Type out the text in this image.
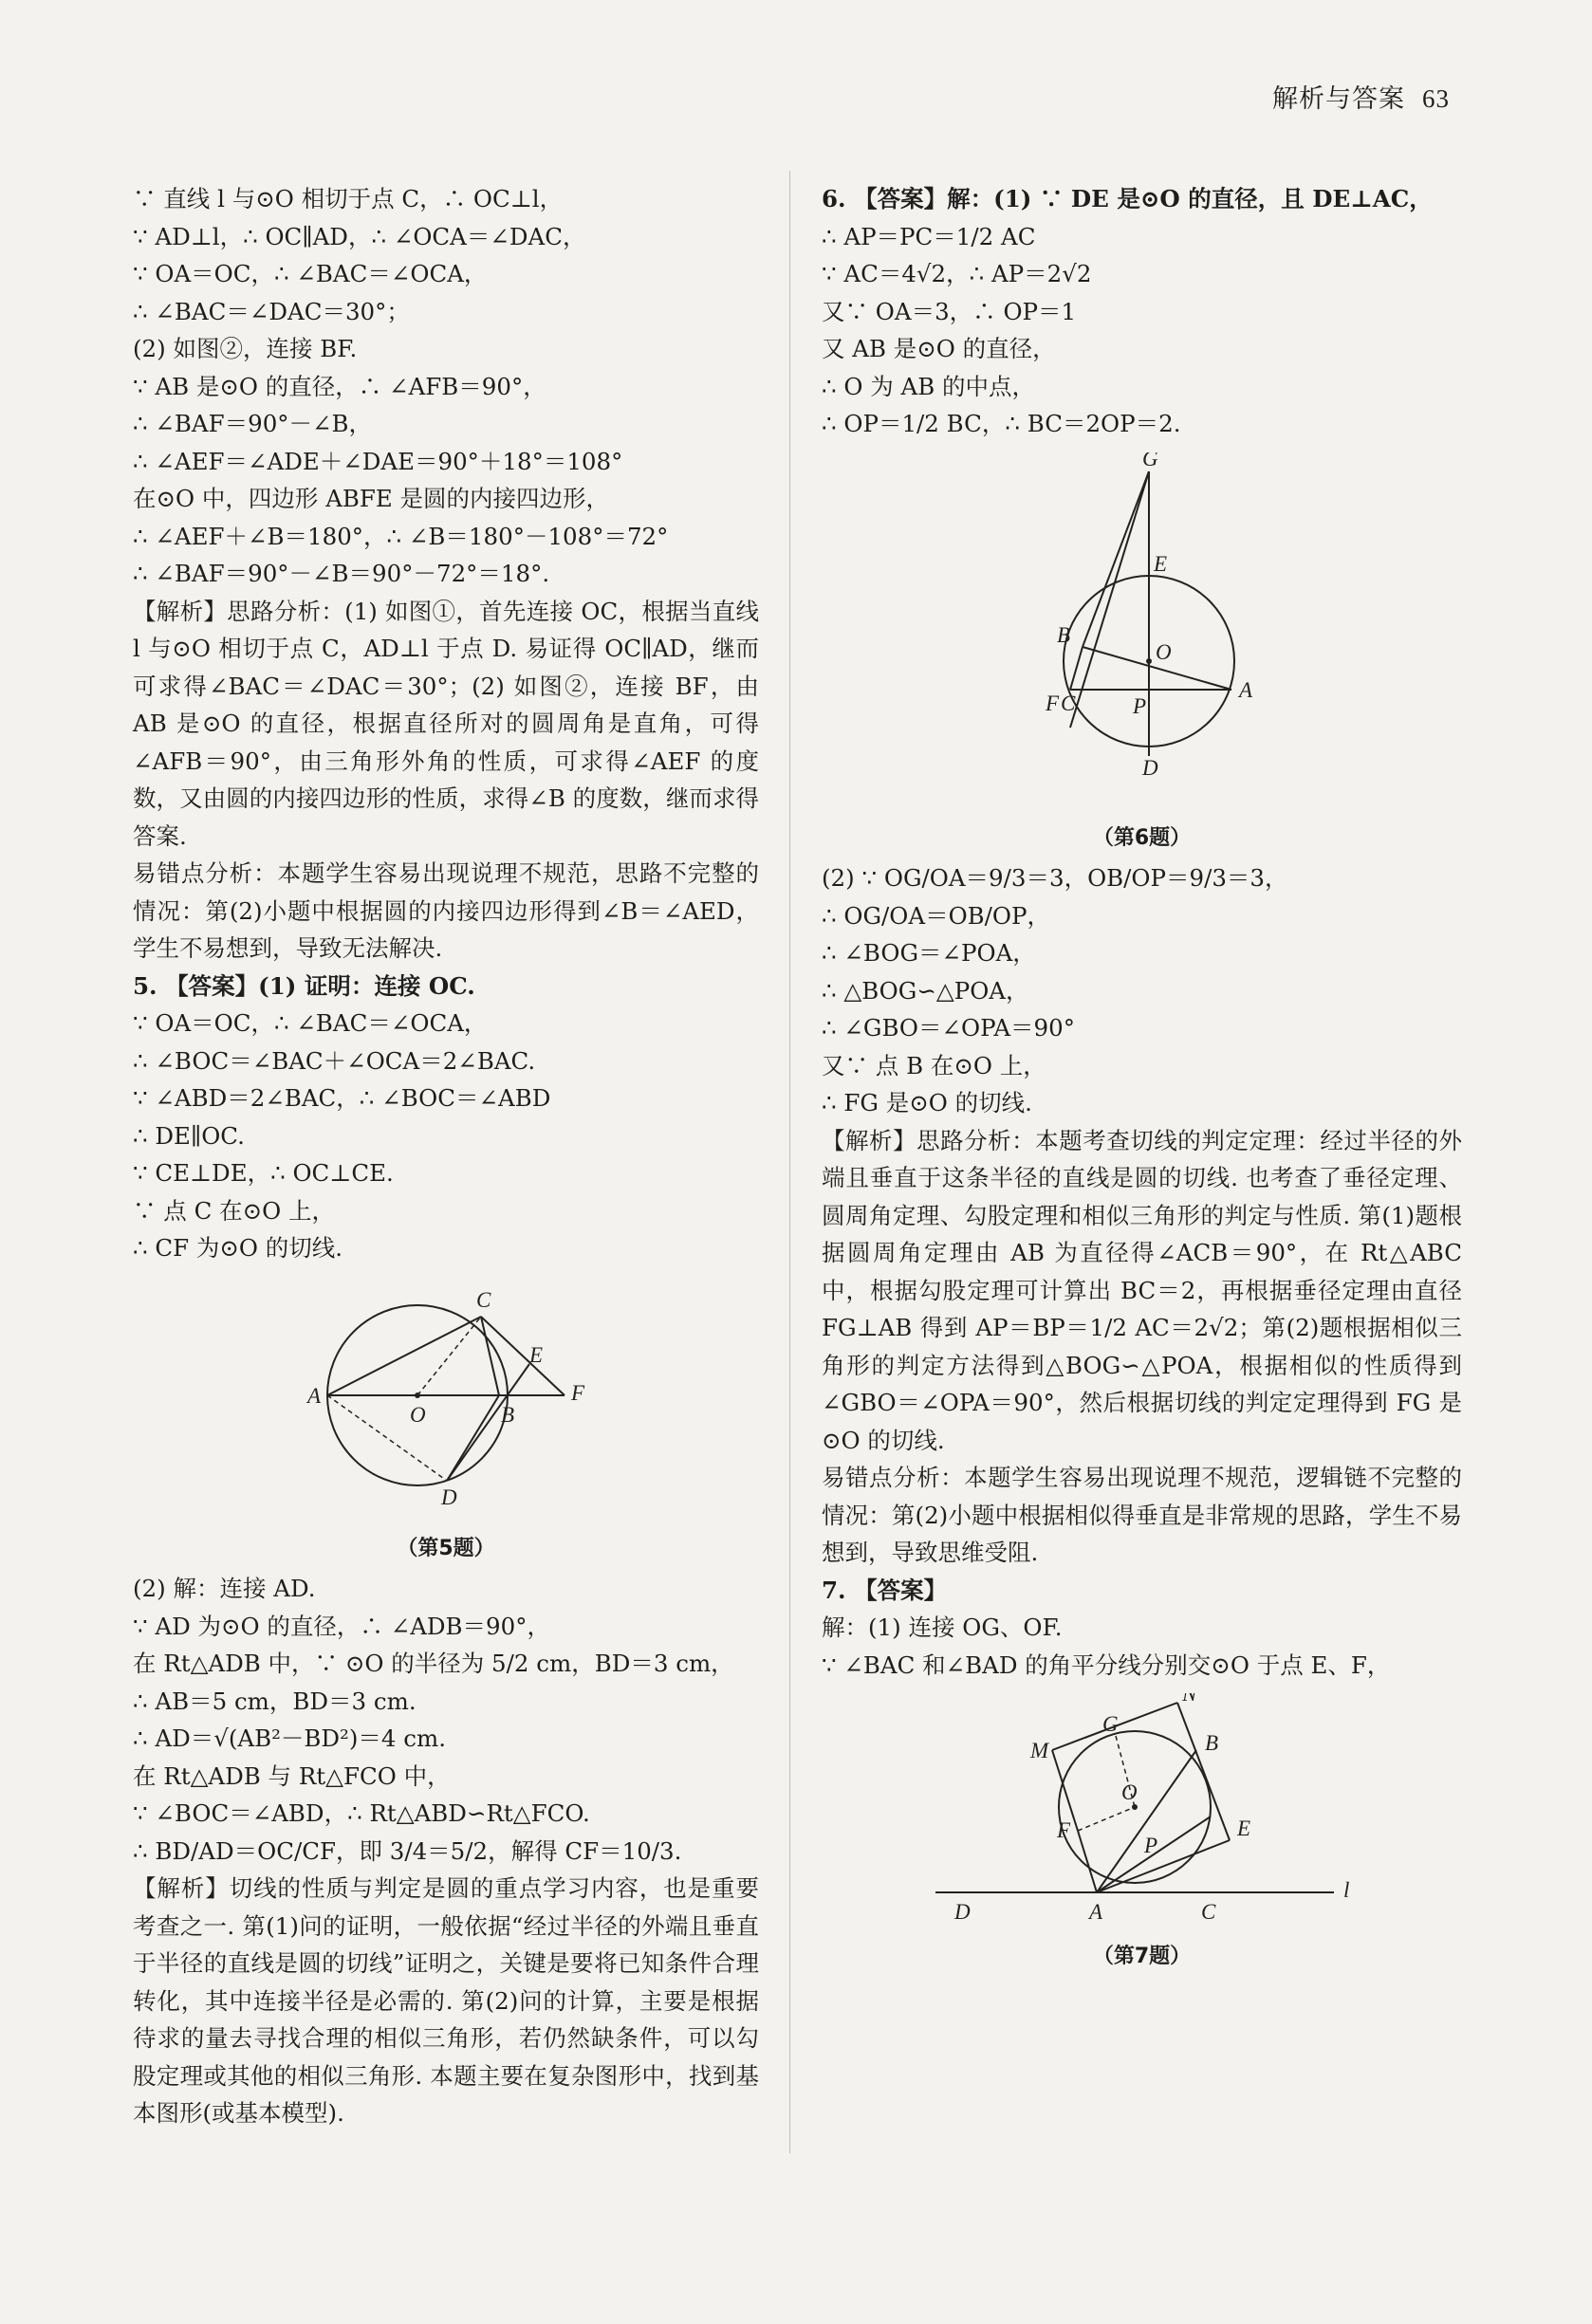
解析与答案 63
∵ 直线 l 与⊙O 相切于点 C，∴ OC⊥l，
∵ AD⊥l，∴ OC∥AD，∴ ∠OCA＝∠DAC，
∵ OA＝OC，∴ ∠BAC＝∠OCA，
∴ ∠BAC＝∠DAC＝30°；
(2) 如图②，连接 BF.
∵ AB 是⊙O 的直径，∴ ∠AFB＝90°，
∴ ∠BAF＝90°－∠B，
∴ ∠AEF＝∠ADE＋∠DAE＝90°＋18°＝108°
在⊙O 中，四边形 ABFE 是圆的内接四边形，
∴ ∠AEF＋∠B＝180°，∴ ∠B＝180°－108°＝72°
∴ ∠BAF＝90°－∠B＝90°－72°＝18°.
【解析】思路分析：(1) 如图①，首先连接 OC，根据当直线 l 与⊙O 相切于点 C，AD⊥l 于点 D. 易证得 OC∥AD，继而可求得∠BAC＝∠DAC＝30°；(2) 如图②，连接 BF，由 AB 是⊙O 的直径，根据直径所对的圆周角是直角，可得∠AFB＝90°，由三角形外角的性质，可求得∠AEF 的度数，又由圆的内接四边形的性质，求得∠B 的度数，继而求得答案.
易错点分析：本题学生容易出现说理不规范，思路不完整的情况：第(2)小题中根据圆的内接四边形得到∠B＝∠AED，学生不易想到，导致无法解决.
5. 【答案】(1) 证明：连接 OC.
∵ OA＝OC，∴ ∠BAC＝∠OCA，
∴ ∠BOC＝∠BAC＋∠OCA＝2∠BAC.
∵ ∠ABD＝2∠BAC，∴ ∠BOC＝∠ABD
∴ DE∥OC.
∵ CE⊥DE，∴ OC⊥CE.
∵ 点 C 在⊙O 上，
∴ CF 为⊙O 的切线.
A
O	B
C
D
E
F
（第5题）
(2) 解：连接 AD.
∵ AD 为⊙O 的直径，∴ ∠ADB＝90°，
在 Rt△ADB 中，∵ ⊙O 的半径为 5/2 cm，BD＝3 cm，
∴ AB＝5 cm，BD＝3 cm.
∴ AD＝√(AB²－BD²)＝4 cm.
在 Rt△ADB 与 Rt△FCO 中，
∵ ∠BOC＝∠ABD，∴ Rt△ABD∽Rt△FCO.
∴ BD/AD＝OC/CF，即 3/4＝5/2，解得 CF＝10/3.
【解析】切线的性质与判定是圆的重点学习内容，也是重要考查之一. 第(1)问的证明，一般依据“经过半径的外端且垂直于半径的直线是圆的切线”证明之，关键是要将已知条件合理转化，其中连接半径是必需的. 第(2)问的计算，主要是根据待求的量去寻找合理的相似三角形，若仍然缺条件，可以勾股定理或其他的相似三角形. 本题主要在复杂图形中，找到基本图形(或基本模型).
6. 【答案】解：(1) ∵ DE 是⊙O 的直径，且 DE⊥AC，
∴ AP＝PC＝1/2 AC
∵ AC＝4√2，∴ AP＝2√2
又∵ OA＝3，∴ OP＝1
又 AB 是⊙O 的直径，
∴ O 为 AB 的中点，
∴ OP＝1/2 BC，∴ BC＝2OP＝2.
G
E
B
O
F C	P
A
D
（第6题）
(2) ∵ OG/OA＝9/3＝3，OB/OP＝9/3＝3，
∴ OG/OA＝OB/OP，
∴ ∠BOG＝∠POA，
∴ △BOG∽△POA，
∴ ∠GBO＝∠OPA＝90°
又∵ 点 B 在⊙O 上，
∴ FG 是⊙O 的切线.
【解析】思路分析：本题考查切线的判定定理：经过半径的外端且垂直于这条半径的直线是圆的切线. 也考查了垂径定理、圆周角定理、勾股定理和相似三角形的判定与性质. 第(1)题根据圆周角定理由 AB 为直径得∠ACB＝90°，在 Rt△ABC 中，根据勾股定理可计算出 BC＝2，再根据垂径定理由直径 FG⊥AB 得到 AP＝BP＝1/2 AC＝2√2；第(2)题根据相似三角形的判定方法得到△BOG∽△POA，根据相似的性质得到∠GBO＝∠OPA＝90°，然后根据切线的判定定理得到 FG 是⊙O 的切线.
易错点分析：本题学生容易出现说理不规范，逻辑链不完整的情况：第(2)小题中根据相似得垂直是非常规的思路，学生不易想到，导致思维受阻.
7. 【答案】
解：(1) 连接 OG、OF.
∵ ∠BAC 和∠BAD 的角平分线分别交⊙O 于点 E、F，
N
G
B
M
O
F	E
P
D	A	C
l
（第7题）
